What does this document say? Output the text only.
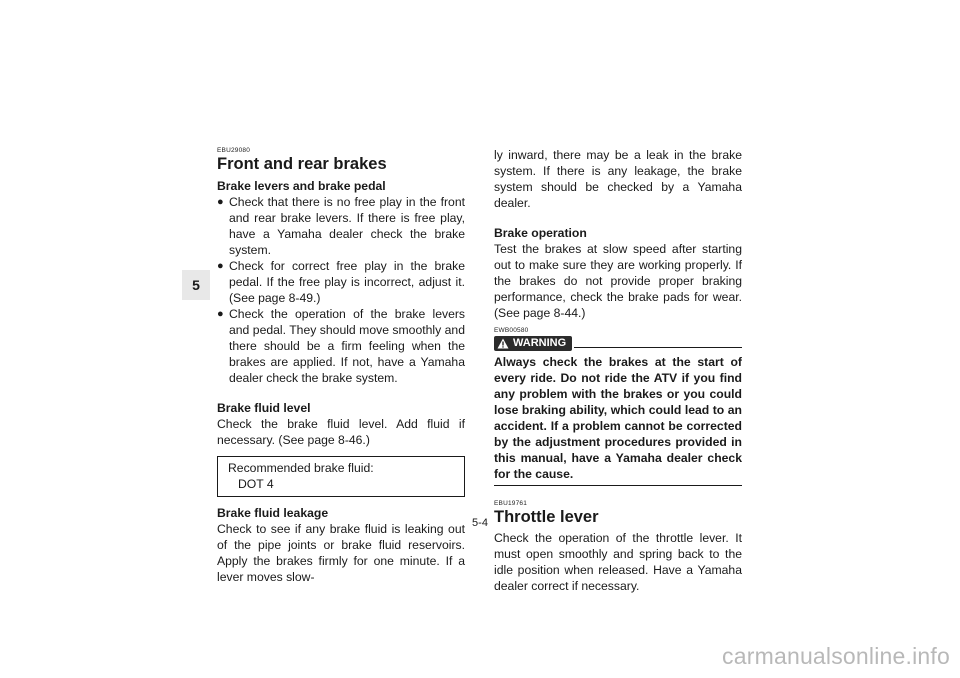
5
EBU29080
Front and rear brakes
Brake levers and brake pedal
● Check that there is no free play in the front and rear brake levers. If there is free play, have a Yamaha dealer check the brake system.
● Check for correct free play in the brake pedal. If the free play is incorrect, adjust it. (See page 8-49.)
● Check the operation of the brake levers and pedal. They should move smoothly and there should be a firm feeling when the brakes are applied. If not, have a Yamaha dealer check the brake system.
Brake fluid level

Check the brake fluid level. Add fluid if necessary. (See page 8-46.)

Recommended brake fluid:
DOT 4
Brake fluid leakage

Check to see if any brake fluid is leaking out of the pipe joints or brake fluid reservoirs. Apply the brakes firmly for one minute. If a lever moves slow-

ly inward, there may be a leak in the brake system. If there is any leakage, the brake system should be checked by a Yamaha dealer.

Brake operation

Test the brakes at slow speed after starting out to make sure they are working properly. If the brakes do not provide proper braking performance, check the brake pads for wear. (See page 8-44.)

EWB00580
WARNING

Always check the brakes at the start of every ride. Do not ride the ATV if you find any problem with the brakes or you could lose braking ability, which could lead to an accident. If a problem cannot be corrected by the adjustment procedures provided in this manual, have a Yamaha dealer check for the cause.

EBU19761
Throttle lever

Check the operation of the throttle lever. It must open smoothly and spring back to the idle position when released. Have a Yamaha dealer correct if necessary.

5-4
carmanualsonline.info
